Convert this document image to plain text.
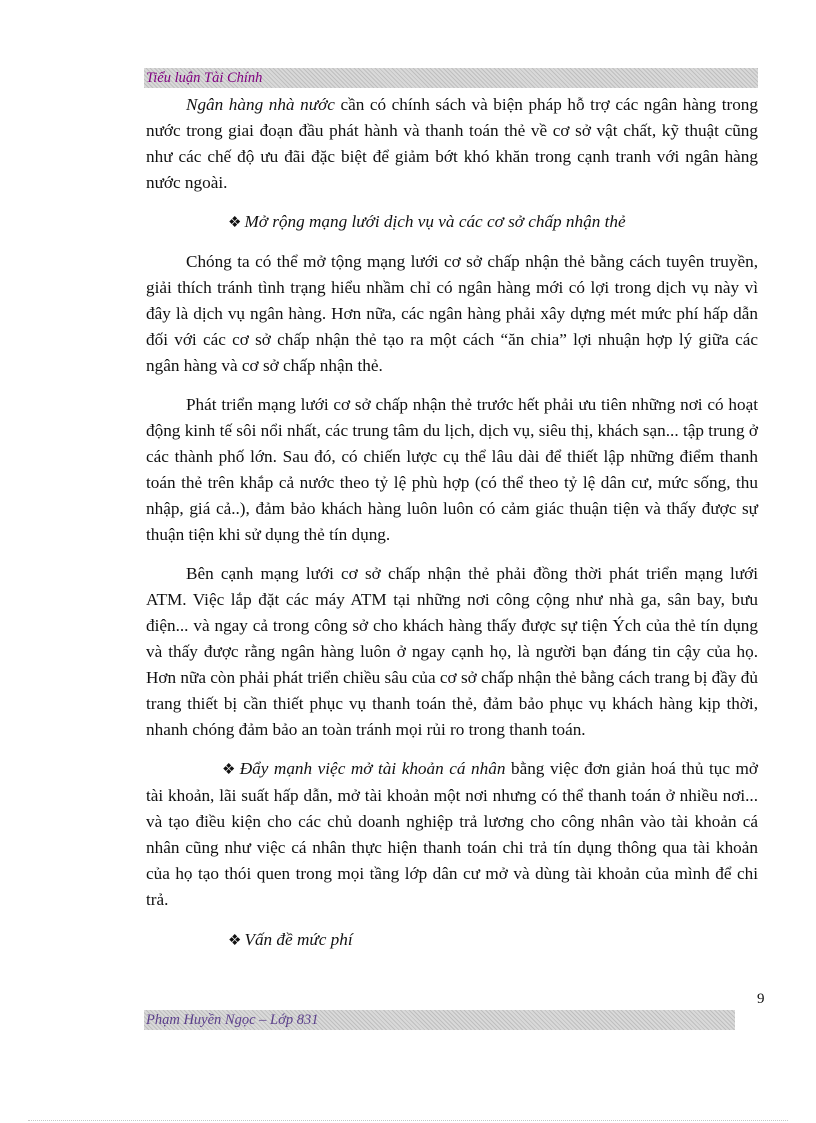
Tiểu luận Tài Chính

Ngân hàng nhà nước cần có chính sách và biện pháp hỗ trợ các ngân hàng trong nước trong giai đoạn đầu phát hành và thanh toán thẻ về cơ sở vật chất, kỹ thuật cũng như các chế độ ưu đãi đặc biệt để giảm bớt khó khăn trong cạnh tranh với ngân hàng nước ngoài.

❖ Mở rộng mạng lưới dịch vụ và các cơ sở chấp nhận thẻ

Chóng ta có thể mở tộng mạng lưới cơ sở chấp nhận thẻ bằng cách tuyên truyền, giải thích tránh tình trạng hiểu nhầm chỉ có ngân hàng mới có lợi trong dịch vụ này vì đây là dịch vụ ngân hàng. Hơn nữa, các ngân hàng phải xây dựng mét mức phí hấp dẫn đối với các cơ sở chấp nhận thẻ tạo ra một cách “ăn chia” lợi nhuận hợp lý giữa các ngân hàng và cơ sở chấp nhận thẻ.

Phát triển mạng lưới cơ sở chấp nhận thẻ trước hết phải ưu tiên những nơi có hoạt động kinh tế sôi nổi nhất, các trung tâm du lịch, dịch vụ, siêu thị, khách sạn... tập trung ở các thành phố lớn. Sau đó, có chiến lược cụ thể lâu dài để thiết lập những điểm thanh toán thẻ trên khắp cả nước theo tỷ lệ phù hợp (có thể theo tỷ lệ dân cư, mức sống, thu nhập, giá cả..), đảm bảo khách hàng luôn luôn có cảm giác thuận tiện và thấy được sự thuận tiện khi sử dụng thẻ tín dụng.

Bên cạnh mạng lưới cơ sở chấp nhận thẻ phải đồng thời phát triển mạng lưới ATM. Việc lắp đặt các máy ATM tại những nơi công cộng như nhà ga, sân bay, bưu điện... và ngay cả trong công sở cho khách hàng thấy được sự tiện Ých của thẻ tín dụng và thấy được rằng ngân hàng luôn ở ngay cạnh họ, là người bạn đáng tin cậy của họ. Hơn nữa còn phải phát triển chiều sâu của cơ sở chấp nhận thẻ bằng cách trang bị đầy đủ trang thiết bị cần thiết phục vụ thanh toán thẻ, đảm bảo phục vụ khách hàng kịp thời, nhanh chóng đảm bảo an toàn tránh mọi rủi ro trong thanh toán.

❖ Đẩy mạnh việc mở tài khoản cá nhân bằng việc đơn giản hoá thủ tục mở tài khoản, lãi suất hấp dẫn, mở tài khoản một nơi nhưng có thể thanh toán ở nhiều nơi... và tạo điều kiện cho các chủ doanh nghiệp trả lương cho công nhân vào tài khoản cá nhân cũng như việc cá nhân thực hiện thanh toán chi trả tín dụng thông qua tài khoản của họ tạo thói quen trong mọi tầng lớp dân cư mở và dùng tài khoản của mình để chi trả.

❖ Vấn đề mức phí
9
Phạm Huyền Ngọc – Lớp 831
